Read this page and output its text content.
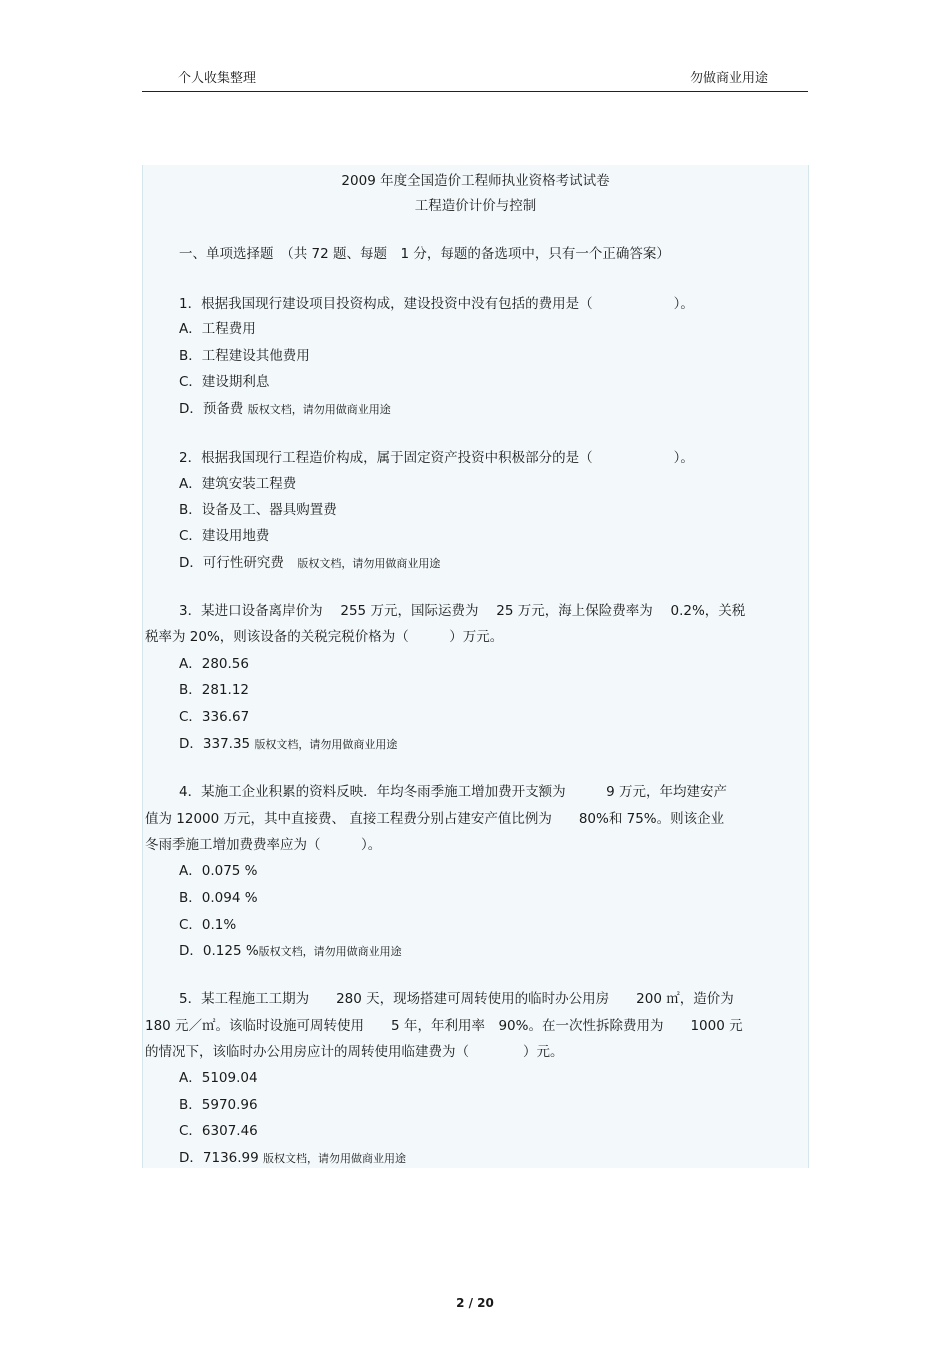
个人收集整理	勿做商业用途
2009 年度全国造价工程师执业资格考试试卷
工程造价计价与控制
一、单项选择题　（共 72 题、每题　1 分，每题的备选项中，只有一个正确答案）
1．根据我国现行建设项目投资构成，建设投资中没有包括的费用是（　　　　　　）。
A．工程费用
B．工程建设其他费用
C．建设期利息
D．预备费 版权文档，请勿用做商业用途
2．根据我国现行工程造价构成，属于固定资产投资中积极部分的是（　　　　　　）。
A．建筑安装工程费
B．设备及工、器具购置费
C．建设用地费
D．可行性研究费　 版权文档，请勿用做商业用途
3．某进口设备离岸价为　 255 万元，国际运费为　 25 万元，海上保险费率为　 0.2%，关税
税率为 20%，则该设备的关税完税价格为（　　　）万元。
A．280.56
B．281.12
C．336.67
D．337.35 版权文档，请勿用做商业用途
4．某施工企业积累的资料反映．年均冬雨季施工增加费开支额为　　　9 万元，年均建安产
值为 12000 万元，其中直接费、 直接工程费分别占建安产值比例为　　80%和 75%。则该企业
冬雨季施工增加费费率应为（　　　）。
A．0.075 %
B．0.094 %
C．0.1%
D．0.125 %版权文档，请勿用做商业用途
5．某工程施工工期为　　280 天，现场搭建可周转使用的临时办公用房　　200 ㎡，造价为
180 元／㎡。该临时设施可周转使用　　5 年，年利用率　90%。在一次性拆除费用为　　1000 元
的情况下，该临时办公用房应计的周转使用临建费为（　　　　）元。
A．5109.04
B．5970.96
C．6307.46
D．7136.99 版权文档，请勿用做商业用途
2 / 20
